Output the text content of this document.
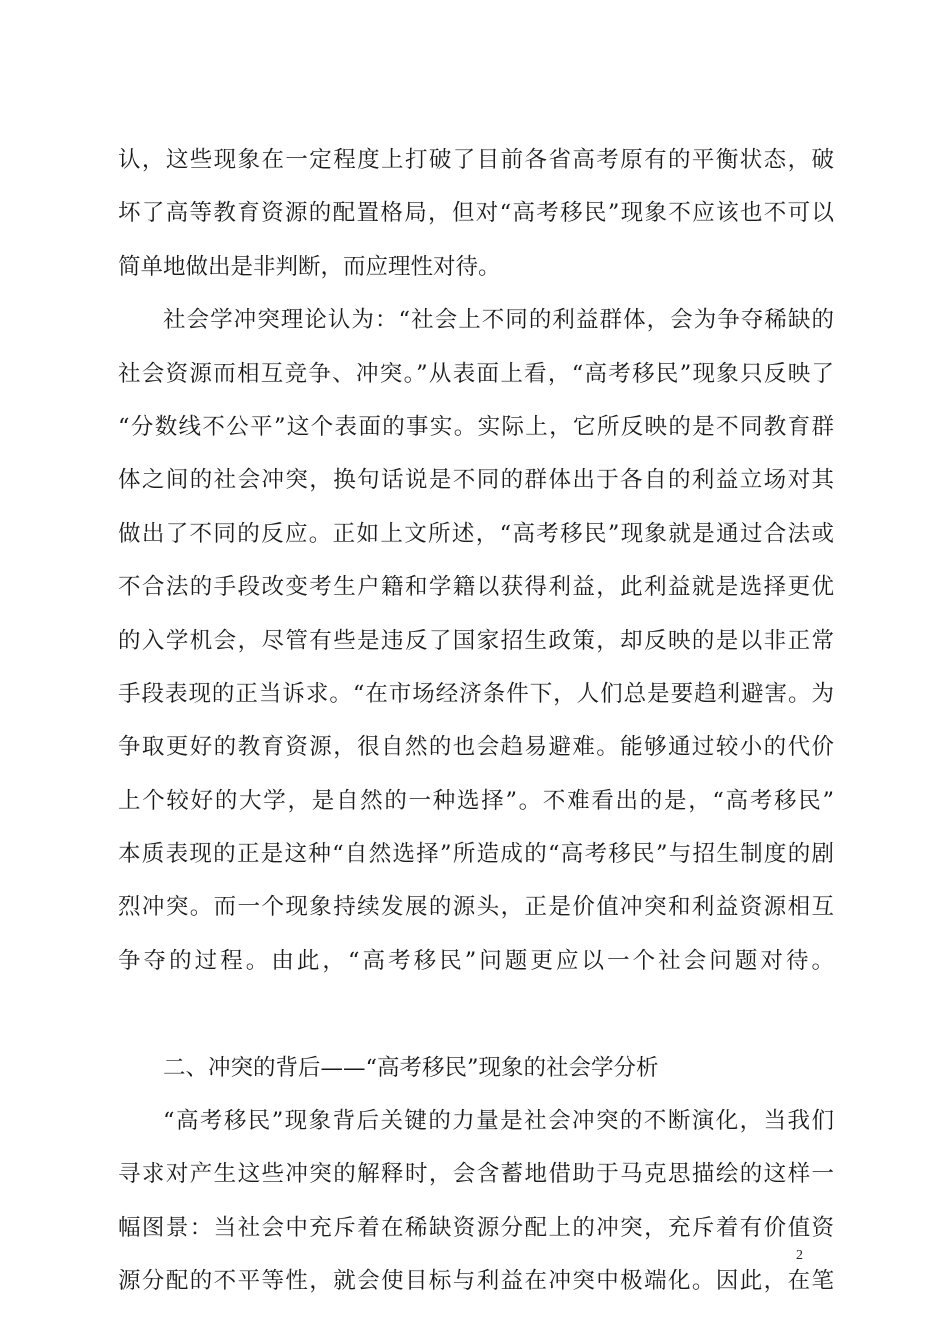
认，这些现象在一定程度上打破了目前各省高考原有的平衡状态，破
坏了高等教育资源的配置格局，但对“高考移民”现象不应该也不可以
简单地做出是非判断，而应理性对待。
社会学冲突理论认为：“社会上不同的利益群体，会为争夺稀缺的
社会资源而相互竞争、冲突。”从表面上看，“高考移民”现象只反映了
“分数线不公平”这个表面的事实。实际上，它所反映的是不同教育群
体之间的社会冲突，换句话说是不同的群体出于各自的利益立场对其
做出了不同的反应。正如上文所述，“高考移民”现象就是通过合法或
不合法的手段改变考生户籍和学籍以获得利益，此利益就是选择更优
的入学机会，尽管有些是违反了国家招生政策，却反映的是以非正常
手段表现的正当诉求。“在市场经济条件下，人们总是要趋利避害。为
争取更好的教育资源，很自然的也会趋易避难。能够通过较小的代价
上个较好的大学，是自然的一种选择”。不难看出的是，“高考移民”
本质表现的正是这种“自然选择”所造成的“高考移民”与招生制度的剧
烈冲突。而一个现象持续发展的源头，正是价值冲突和利益资源相互
争夺的过程。由此，“高考移民”问题更应以一个社会问题对待。
二、冲突的背后——“高考移民”现象的社会学分析
“高考移民”现象背后关键的力量是社会冲突的不断演化，当我们
寻求对产生这些冲突的解释时，会含蓄地借助于马克思描绘的这样一
幅图景：当社会中充斥着在稀缺资源分配上的冲突，充斥着有价值资
源分配的不平等性，就会使目标与利益在冲突中极端化。因此，在笔
2
